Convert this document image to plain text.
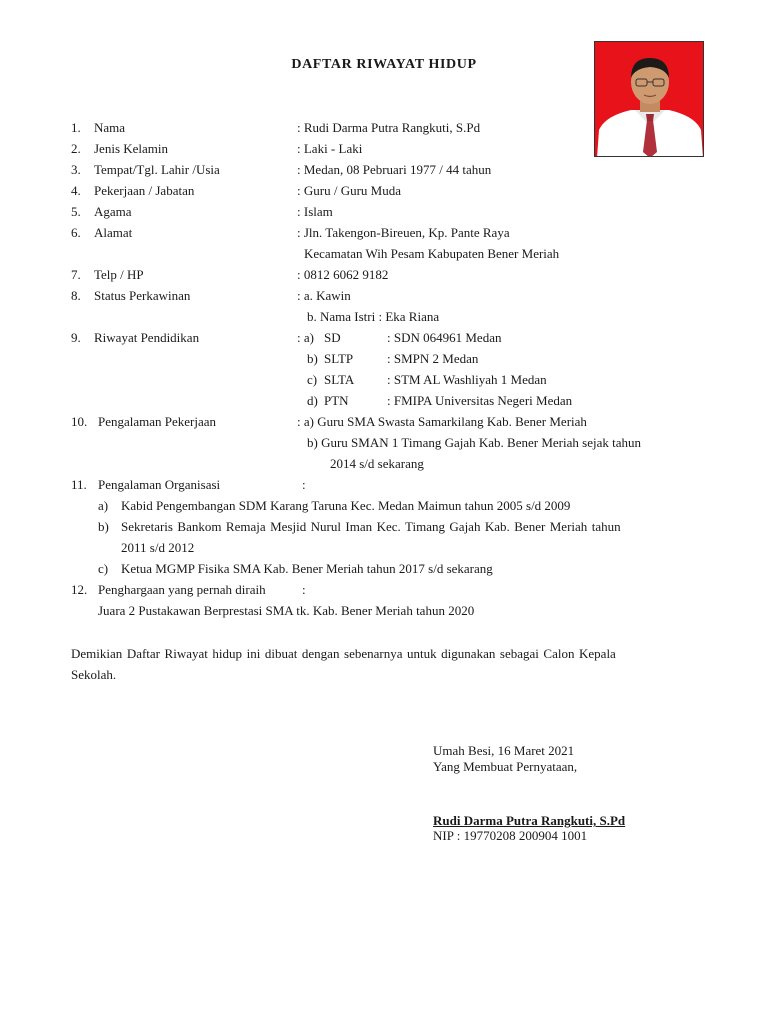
DAFTAR RIWAYAT HIDUP
1. Nama	: Rudi Darma Putra Rangkuti, S.Pd
2. Jenis Kelamin	: Laki - Laki
3. Tempat/Tgl. Lahir /Usia	: Medan, 08 Pebruari 1977 / 44 tahun
4. Pekerjaan / Jabatan	: Guru / Guru Muda
5. Agama	: Islam
6. Alamat	: Jln. Takengon-Bireuen, Kp. Pante Raya
Kecamatan Wih Pesam Kabupaten Bener Meriah
7. Telp / HP	: 0812 6062 9182
8. Status Perkawinan	: a. Kawin
b. Nama Istri : Eka Riana
9. Riwayat Pendidikan	: a) SD	: SDN 064961 Medan
b) SLTP	: SMPN 2 Medan
c) SLTA	: STM AL Washliyah 1 Medan
d) PTN	: FMIPA Universitas Negeri Medan
10. Pengalaman Pekerjaan	: a) Guru SMA Swasta Samarkilang Kab. Bener Meriah
b) Guru SMAN 1 Timang Gajah Kab. Bener Meriah sejak tahun
2014 s/d sekarang
11. Pengalaman Organisasi	:
a) Kabid Pengembangan SDM Karang Taruna Kec. Medan Maimun tahun 2005 s/d 2009
b) Sekretaris Bankom Remaja Mesjid Nurul Iman Kec. Timang Gajah Kab. Bener Meriah tahun
2011 s/d 2012
c) Ketua MGMP Fisika SMA Kab. Bener Meriah tahun 2017 s/d sekarang
12. Penghargaan yang pernah diraih	:
Juara 2 Pustakawan Berprestasi SMA tk. Kab. Bener Meriah tahun 2020
Demikian Daftar Riwayat hidup ini dibuat dengan sebenarnya untuk digunakan sebagai Calon Kepala
Sekolah.
Umah Besi, 16 Maret 2021
Yang Membuat Pernyataan,
Rudi Darma Putra Rangkuti, S.Pd
NIP : 19770208 200904 1001
